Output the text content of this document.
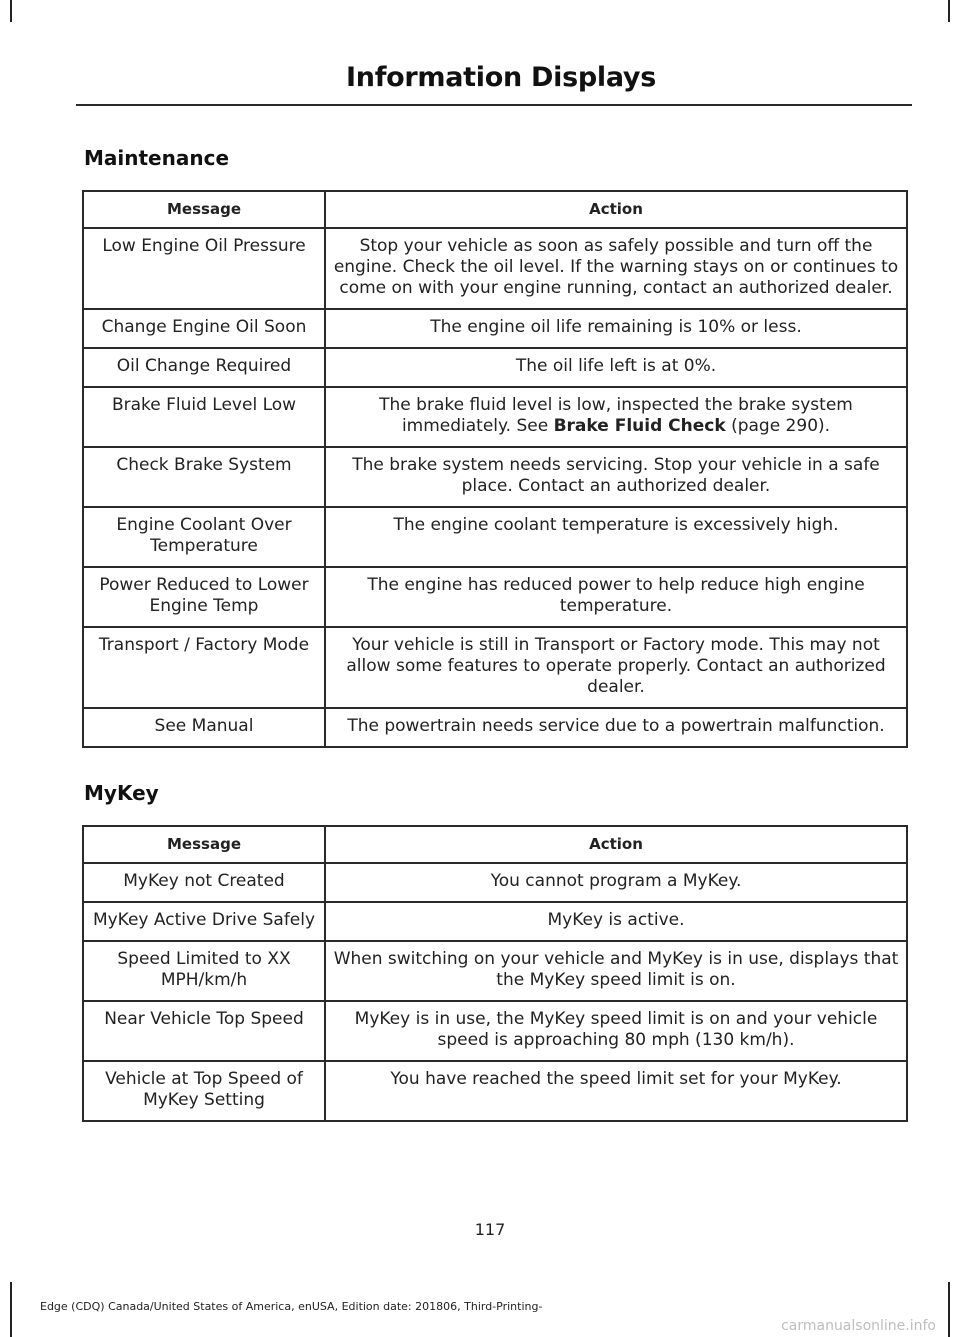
Information Displays
Maintenance
Message	Action
Low Engine Oil Pressure	Stop your vehicle as soon as safely possible and turn off the engine. Check the oil level. If the warning stays on or continues to come on with your engine running, contact an authorized dealer.
Change Engine Oil Soon	The engine oil life remaining is 10% or less.
Oil Change Required	The oil life left is at 0%.
Brake Fluid Level Low	The brake fluid level is low, inspected the brake system immediately. See Brake Fluid Check (page 290).
Check Brake System	The brake system needs servicing. Stop your vehicle in a safe place. Contact an authorized dealer.
Engine Coolant Over Temperature	The engine coolant temperature is excessively high.
Power Reduced to Lower Engine Temp	The engine has reduced power to help reduce high engine temperature.
Transport / Factory Mode	Your vehicle is still in Transport or Factory mode. This may not allow some features to operate properly. Contact an authorized dealer.
See Manual	The powertrain needs service due to a powertrain malfunction.
MyKey
Message	Action
MyKey not Created	You cannot program a MyKey.
MyKey Active Drive Safely	MyKey is active.
Speed Limited to XX MPH/km/h	When switching on your vehicle and MyKey is in use, displays that the MyKey speed limit is on.
Near Vehicle Top Speed	MyKey is in use, the MyKey speed limit is on and your vehicle speed is approaching 80 mph (130 km/h).
Vehicle at Top Speed of MyKey Setting	You have reached the speed limit set for your MyKey.
117
Edge (CDQ) Canada/United States of America, enUSA, Edition date: 201806, Third-Printing-
carmanualsonline.info
